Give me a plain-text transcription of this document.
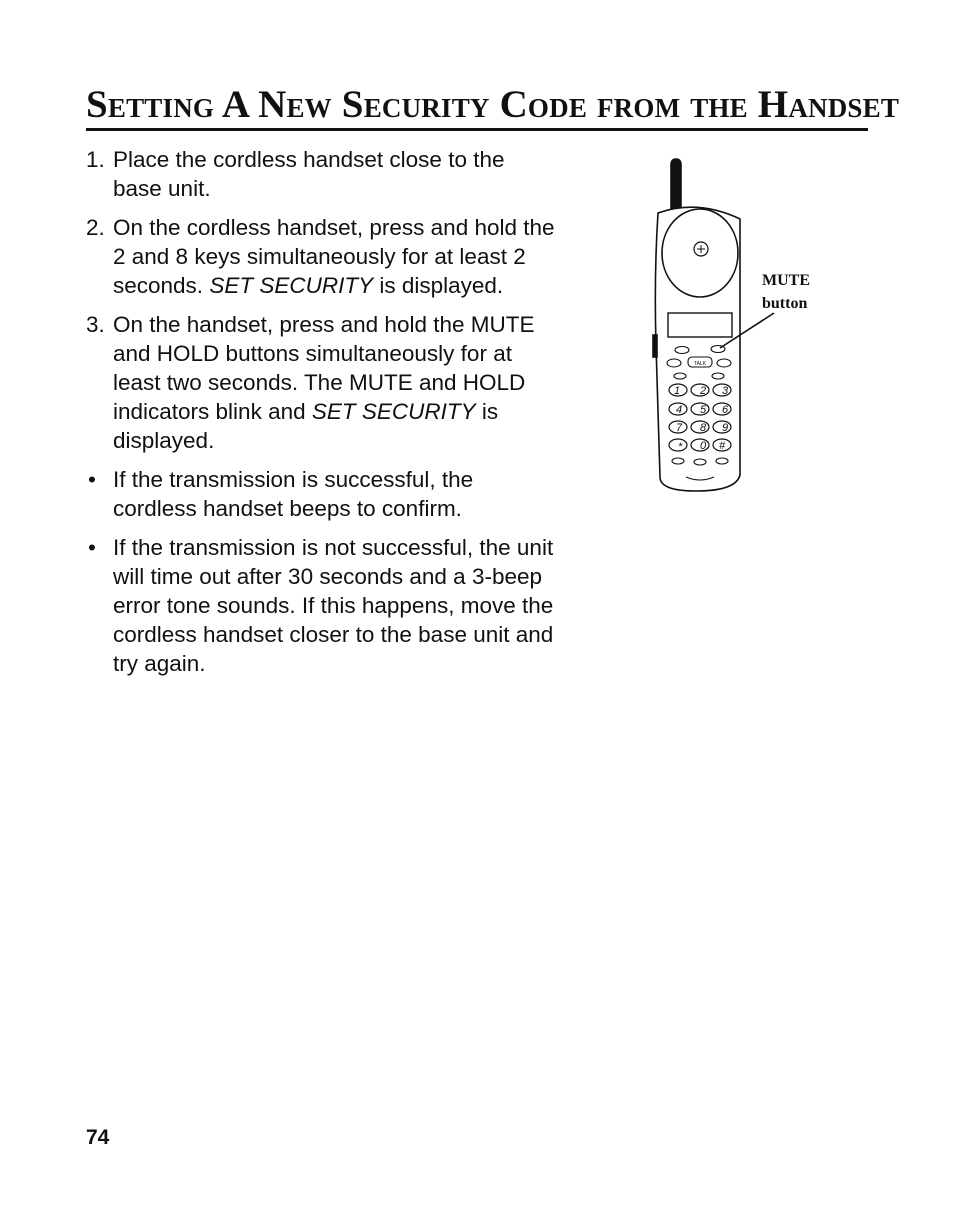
Setting A New Security Code from the Handset
1. Place the cordless handset close to the base unit.
2. On the cordless handset, press and hold the 2 and 8 keys simultaneously for at least 2 seconds. SET SECURITY is displayed.
3. On the handset, press and hold the MUTE and HOLD buttons simultaneously for at least two seconds. The MUTE and HOLD indicators blink and SET SECURITY is displayed.
• If the transmission is successful, the cordless handset beeps to confirm.
• If the transmission is not successful, the unit will time out after 30 seconds and a 3-beep error tone sounds. If this happens, move the cordless handset closer to the base unit and try again.
TALK
1 2 3
4 5 6
7 8 9
* 0 #
MUTE
button
74
